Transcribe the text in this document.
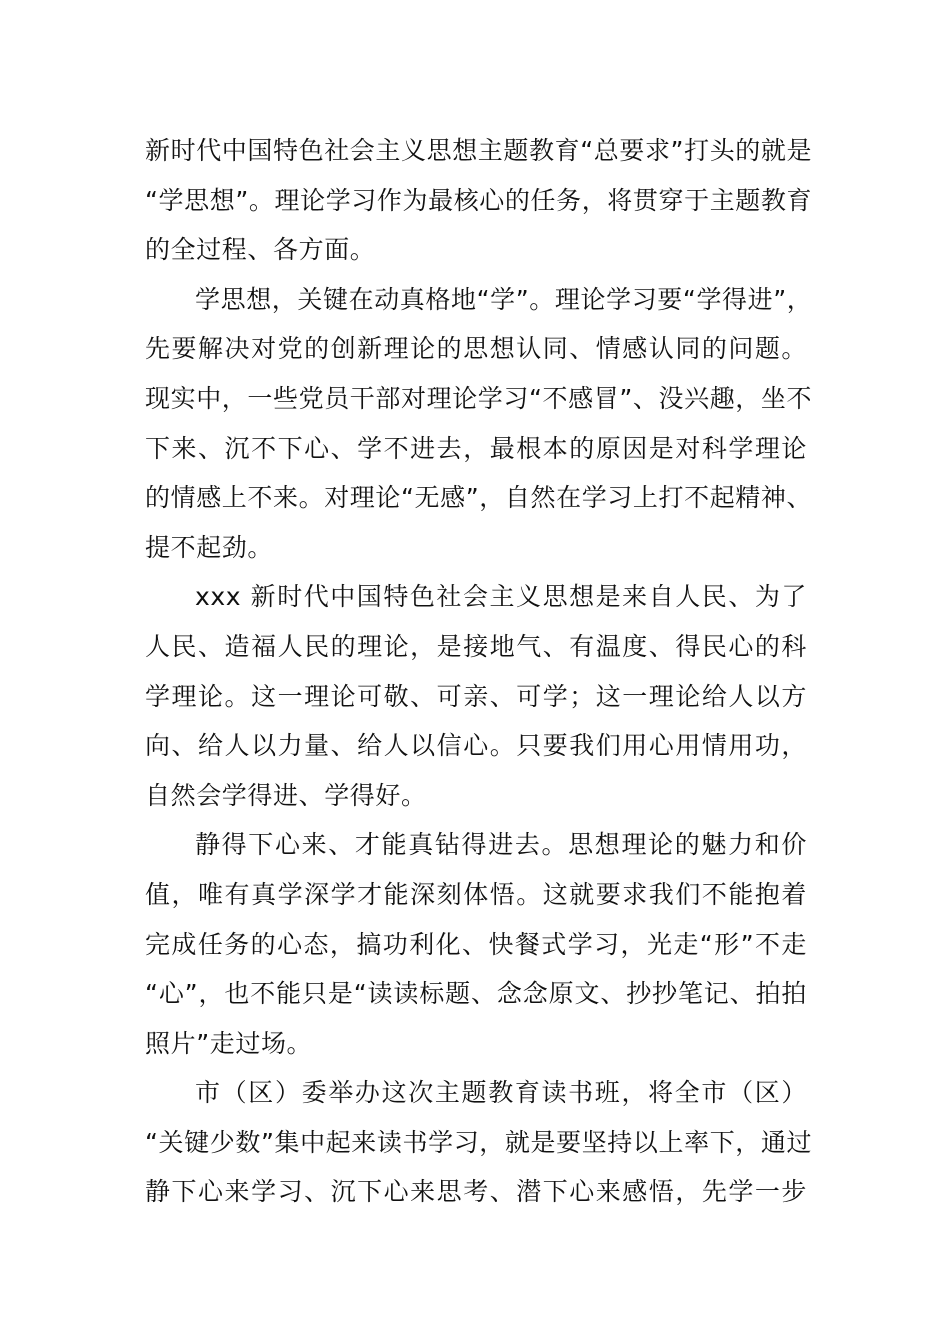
新时代中国特色社会主义思想主题教育“总要求”打头的就是
“学思想”。理论学习作为最核心的任务，将贯穿于主题教育
的全过程、各方面。
学思想，关键在动真格地“学”。理论学习要“学得进”，
先要解决对党的创新理论的思想认同、情感认同的问题。
现实中，一些党员干部对理论学习“不感冒”、没兴趣，坐不
下来、沉不下心、学不进去，最根本的原因是对科学理论
的情感上不来。对理论“无感”，自然在学习上打不起精神、
提不起劲。
xxx 新时代中国特色社会主义思想是来自人民、为了
人民、造福人民的理论，是接地气、有温度、得民心的科
学理论。这一理论可敬、可亲、可学；这一理论给人以方
向、给人以力量、给人以信心。只要我们用心用情用功，
自然会学得进、学得好。
静得下心来、才能真钻得进去。思想理论的魅力和价
值，唯有真学深学才能深刻体悟。这就要求我们不能抱着
完成任务的心态，搞功利化、快餐式学习，光走“形”不走
“心”，也不能只是“读读标题、念念原文、抄抄笔记、拍拍
照片”走过场。
市（区）委举办这次主题教育读书班，将全市（区）
“关键少数”集中起来读书学习，就是要坚持以上率下，通过
静下心来学习、沉下心来思考、潜下心来感悟，先学一步
